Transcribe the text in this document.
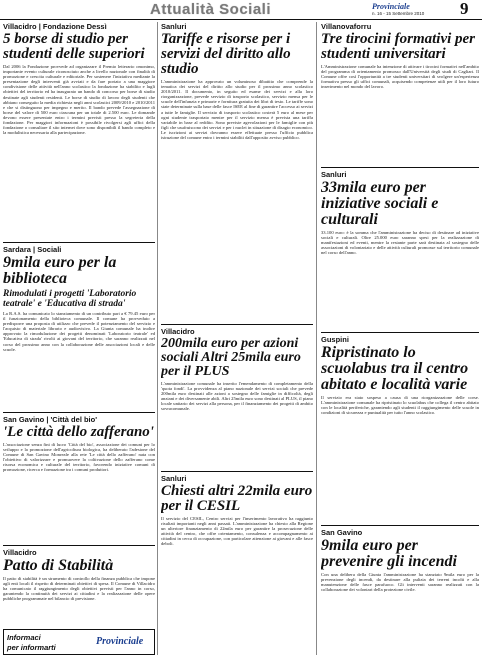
Attualità Sociali	Provinciale
n. 16 - 15 Settembre 2010 9
Villacidro | Fondazione Dessì
5 borse di studio per studenti delle superiori
Dal 2006 la Fondazione provvede ad organizzare il Premio letterario omonimo, importante evento culturale riconosciuto anche a livello nazionale con finalità di promozione e crescita culturale e editoriale. Per sostenere l'iniziativa mediante la presentazione degli interventi già avviati e da fare portato a una maggiore condivisione delle attività nell'anno scolastico la fondazione ha stabilito e lugli obiettivi del territorio ed ha inaugurato un bando di concorso per borse di studio destinate agli studenti residenti. Le borse di studio di lavoro degli studenti che abbiano conseguito la media richiesta negli anni scolastici 2009/2010 e 2010/2011 e che si distinguono per impegno e merito. Il bando prevede l'assegnazione di borse del valore di 500 euro ciascuna per un totale di 2.500 euro. Le domande devono essere presentate entro i termini previsti presso la segreteria della fondazione. Per maggiori informazioni è possibile rivolgersi agli uffici della fondazione o consultare il sito internet dove sono disponibili il bando completo e la modulistica necessaria alla partecipazione.
Sardara | Sociali
9mila euro per la biblioteca
Rimodulati i progetti 'Laboratorio teatrale' e 'Educativa di strada'
La R.A.S. ha comunicato lo stanziamento di un contributo pari a € 79.45 euro per il funzionamento della biblioteca comunale. Il comune ha provveduto a predisporre una proposta di utilizzo che prevede il potenziamento del servizio e l'acquisto di materiale librario e audiovisivo. La Giunta comunale ha inoltre approvato la rimodulazione dei progetti denominati 'Laboratorio teatrale' ed 'Educativa di strada' rivolti ai giovani del territorio, che saranno realizzati nel corso del prossimo anno con la collaborazione delle associazioni locali e delle scuole.
San Gavino | 'Città del bio'
'Le città dello zafferano'
L'associazione senza fini di lucro 'Città del bio', associazione dei comuni per lo sviluppo e la promozione dell'agricoltura biologica, ha deliberato l'adesione del Comune di San Gavino Monreale alla rete 'Le città dello zafferano' nata con l'obiettivo di valorizzare e promuovere la coltivazione dello zafferano come risorsa economica e culturale del territorio, favorendo iniziative comuni di promozione, ricerca e formazione tra i comuni produttori.
Villacidro
Patto di Stabilità
Il patto di stabilità è un strumento di controllo della finanza pubblica che impone agli enti locali il rispetto di determinati obiettivi di spesa. Il Comune di Villacidro ha comunicato il raggiungimento degli obiettivi previsti per l'anno in corso, garantendo la continuità dei servizi ai cittadini e la realizzazione delle opere pubbliche programmate nel bilancio di previsione.
Informaci
per informarti
Provinciale
Sanluri
Tariffe e risorse per i servizi del diritto allo studio
L'amministrazione ha approvato un voluminoso dibattito che comprende la tematica dei servizi del diritto allo studio per il prossimo anno scolastico 2010/2011. Il documento, in seguito ed esame dei servizi e alla loro riorganizzazione, prevede servizio di trasporto scolastico, servizio mensa per le scuole dell'infanzia e primarie e fornitura gratuita dei libri di testo. Le tariffe sono state determinate sulla base delle fasce ISEE al fine di garantire l'accesso ai servizi a tutte le famiglie. Il servizio di trasporto scolastico costerà 5 euro al mese per ogni studente trasportato mentre per il servizio mensa è prevista una tariffa variabile in base al reddito. Sono previste agevolazioni per le famiglie con più figli che usufruiscono dei servizi e per i nuclei in situazione di disagio economico. Le iscrizioni ai servizi dovranno essere effettuate presso l'ufficio pubblica istruzione del comune entro i termini stabiliti dall'apposito avviso pubblico.
Villacidro
200mila euro per azioni sociali Altri 25mila euro per il PLUS
L'amministrazione comunale ha inserito l'emendamento di completamento della 'quota fondi'. La provvidenza al piano nazionale dei servizi sociali che prevede 200mila euro destinati alle azioni a sostegno delle famiglie in difficoltà, degli anziani e dei diversamente abili. Altri 25mila euro sono destinati al PLUS, il piano locale unitario dei servizi alla persona, per il finanziamento dei progetti di ambito sovracomunale.
Sanluri
Chiesti altri 22mila euro per il CESIL
Il servizio del CESIL, Centro servizi per l'inserimento lavorativo ha raggiunto risultati importanti negli anni passati. L'amministrazione ha chiesto alla Regione un ulteriore finanziamento di 22mila euro per garantire la prosecuzione delle attività del centro, che offre orientamento, consulenza e accompagnamento ai cittadini in cerca di occupazione, con particolare attenzione ai giovani e alle fasce deboli.
Villanovaforru
Tre tirocini formativi per studenti universitari
L'Amministrazione comunale ha intenzione di attivare i tirocini formativi nell'ambito del programma di orientamento promosso dall'Università degli studi di Cagliari. Il Comune offre così l'opportunità a tre studenti universitari di svolgere un'esperienza formativa presso gli uffici comunali, acquisendo competenze utili per il loro futuro inserimento nel mondo del lavoro.
Sanluri
33mila euro per iniziative sociali e culturali
33.100 euro: è la somma che l'amministrazione ha deciso di destinare ad iniziative sociali e culturali. Oltre 25.000 euro saranno spesi per la realizzazione di manifestazioni ed eventi, mentre la restante parte sarà destinata al sostegno delle associazioni di volontariato e delle attività culturali promosse sul territorio comunale nel corso dell'anno.
Guspini
Ripristinato lo scuolabus tra il centro abitato e località varie
Il servizio era stato sospeso a causa di una riorganizzazione delle corse. L'amministrazione comunale ha ripristinato lo scuolabus che collega il centro abitato con le località periferiche, garantendo agli studenti il raggiungimento delle scuole in condizioni di sicurezza e puntualità per tutto l'anno scolastico.
San Gavino
9mila euro per prevenire gli incendi
Con una delibera della Giunta l'amministrazione ha stanziato 9mila euro per la prevenzione degli incendi, da destinare alla pulizia dei terreni incolti e alla manutenzione delle fasce parafuoco. Gli interventi saranno realizzati con la collaborazione dei volontari della protezione civile.
